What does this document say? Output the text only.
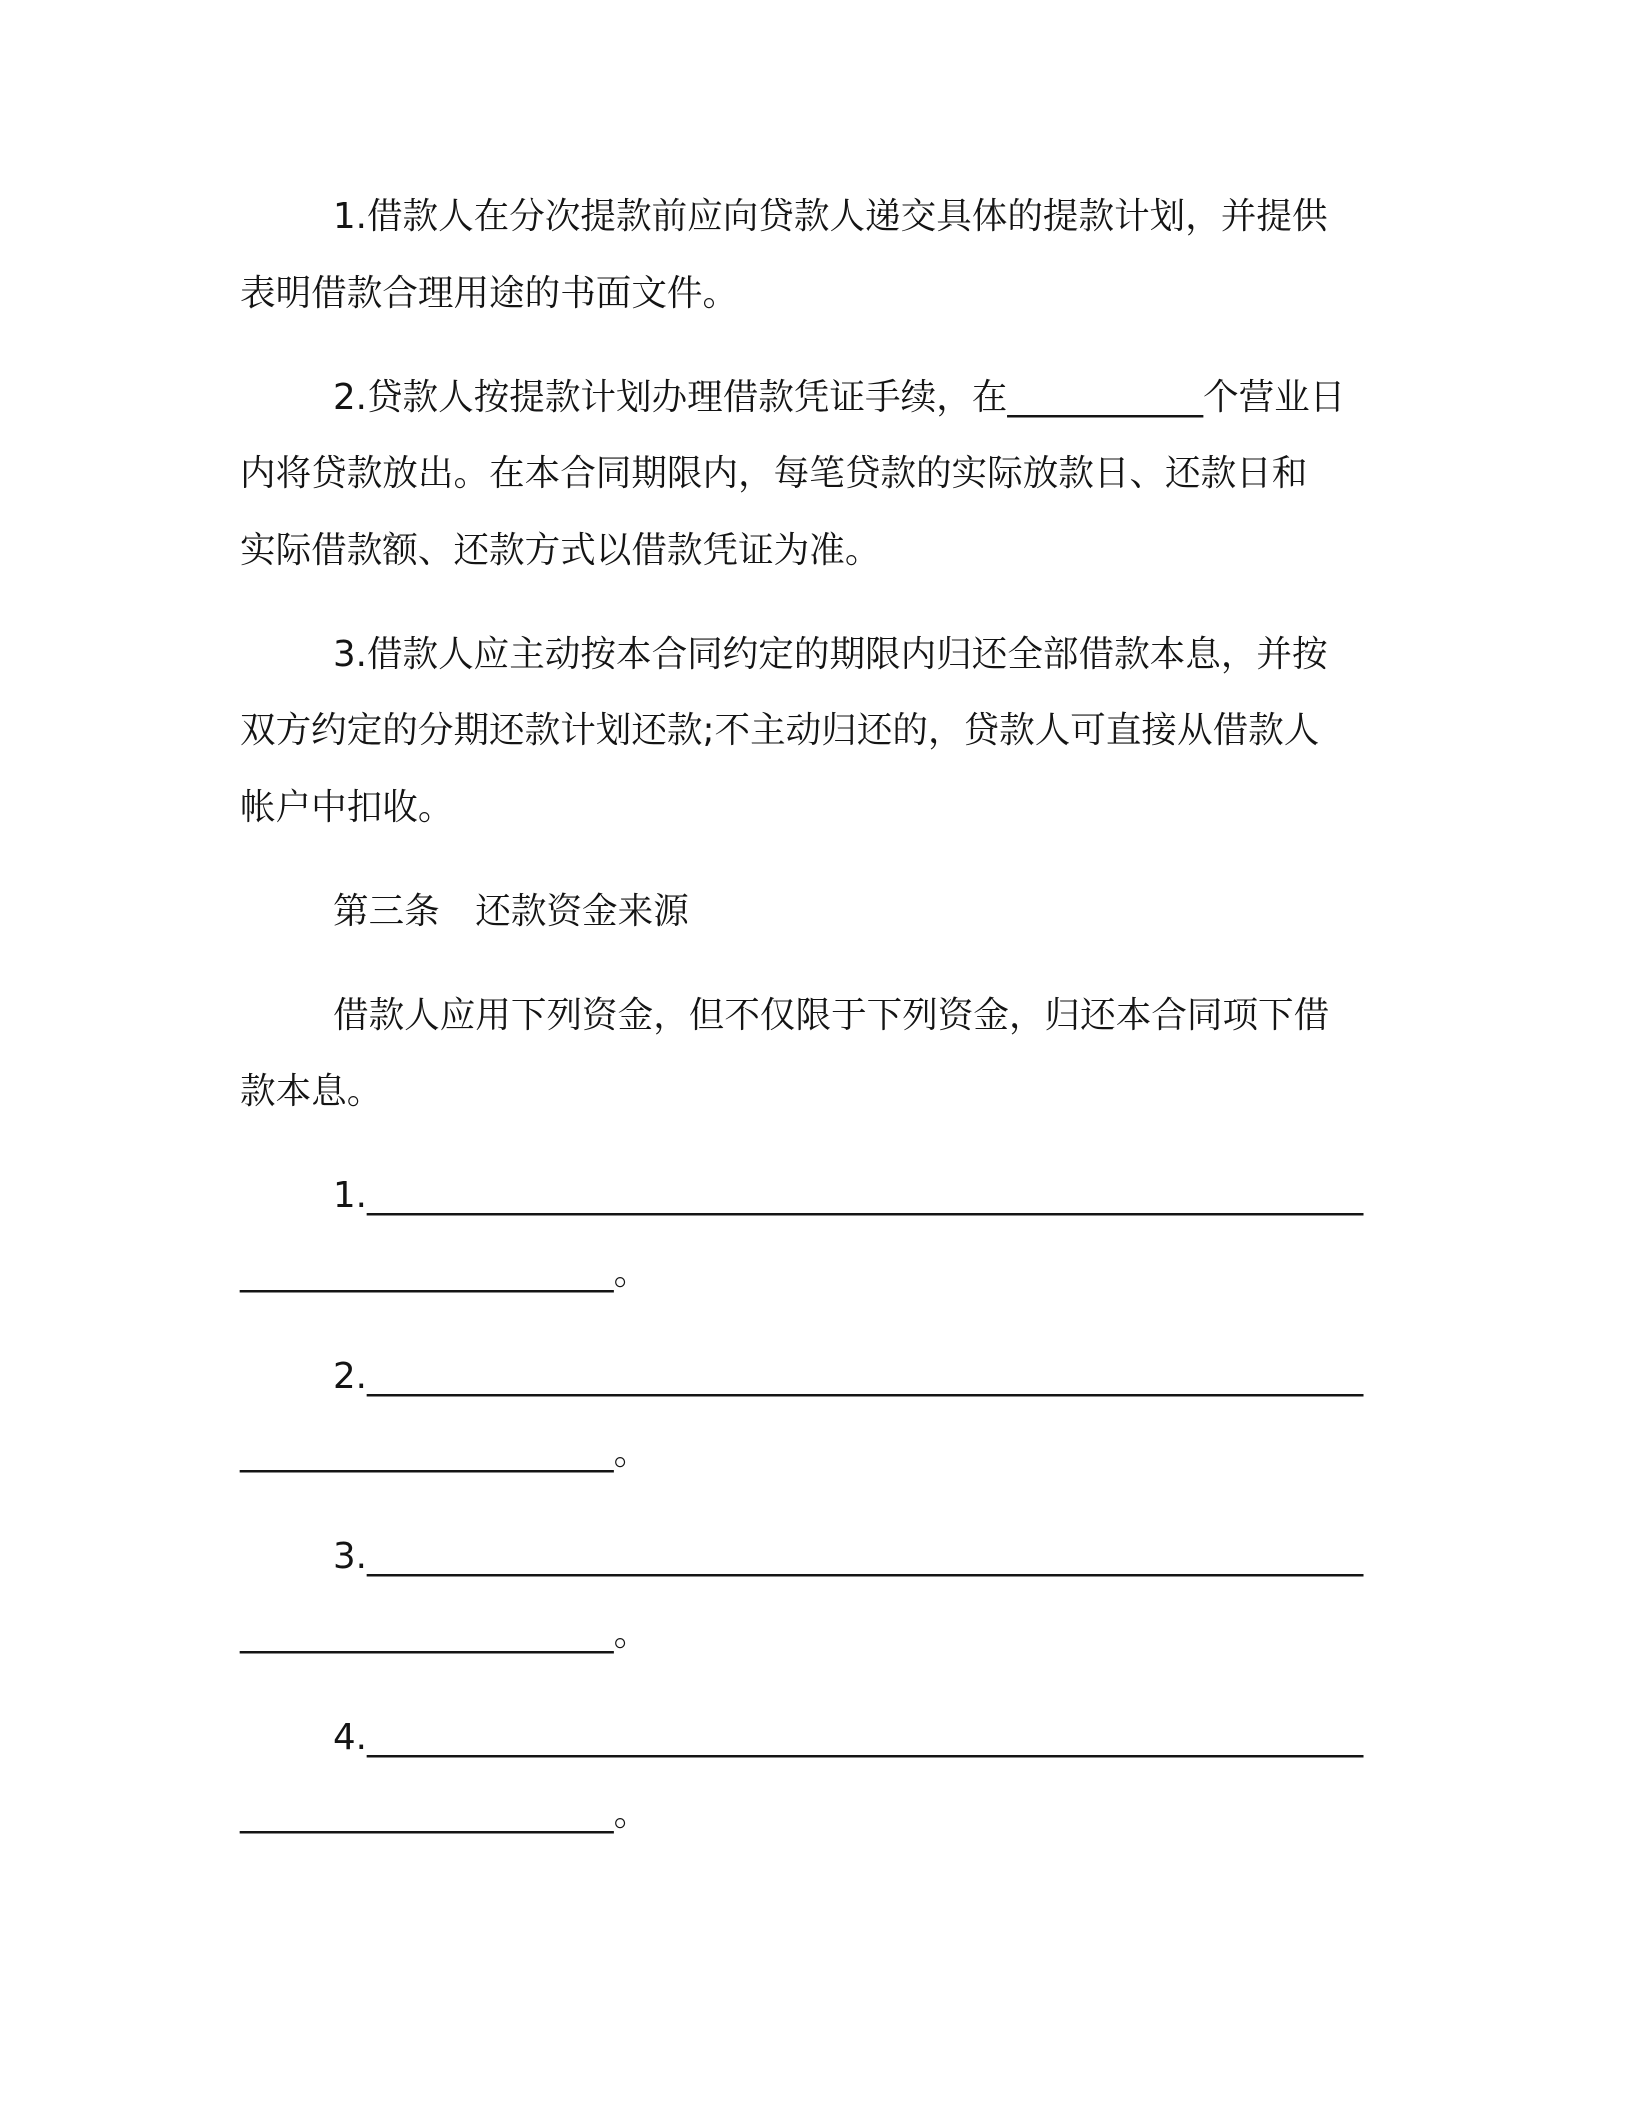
1.借款人在分次提款前应向贷款人递交具体的提款计划，并提供
表明借款合理用途的书面文件。
2.贷款人按提款计划办理借款凭证手续，在___________个营业日
内将贷款放出。在本合同期限内，每笔贷款的实际放款日、还款日和
实际借款额、还款方式以借款凭证为准。
3.借款人应主动按本合同约定的期限内归还全部借款本息，并按
双方约定的分期还款计划还款;不主动归还的，贷款人可直接从借款人
帐户中扣收。
第三条　还款资金来源
借款人应用下列资金，但不仅限于下列资金，归还本合同项下借
款本息。
1.________________________________________________________
_____________________。
2.________________________________________________________
_____________________。
3.________________________________________________________
_____________________。
4.________________________________________________________
_____________________。
